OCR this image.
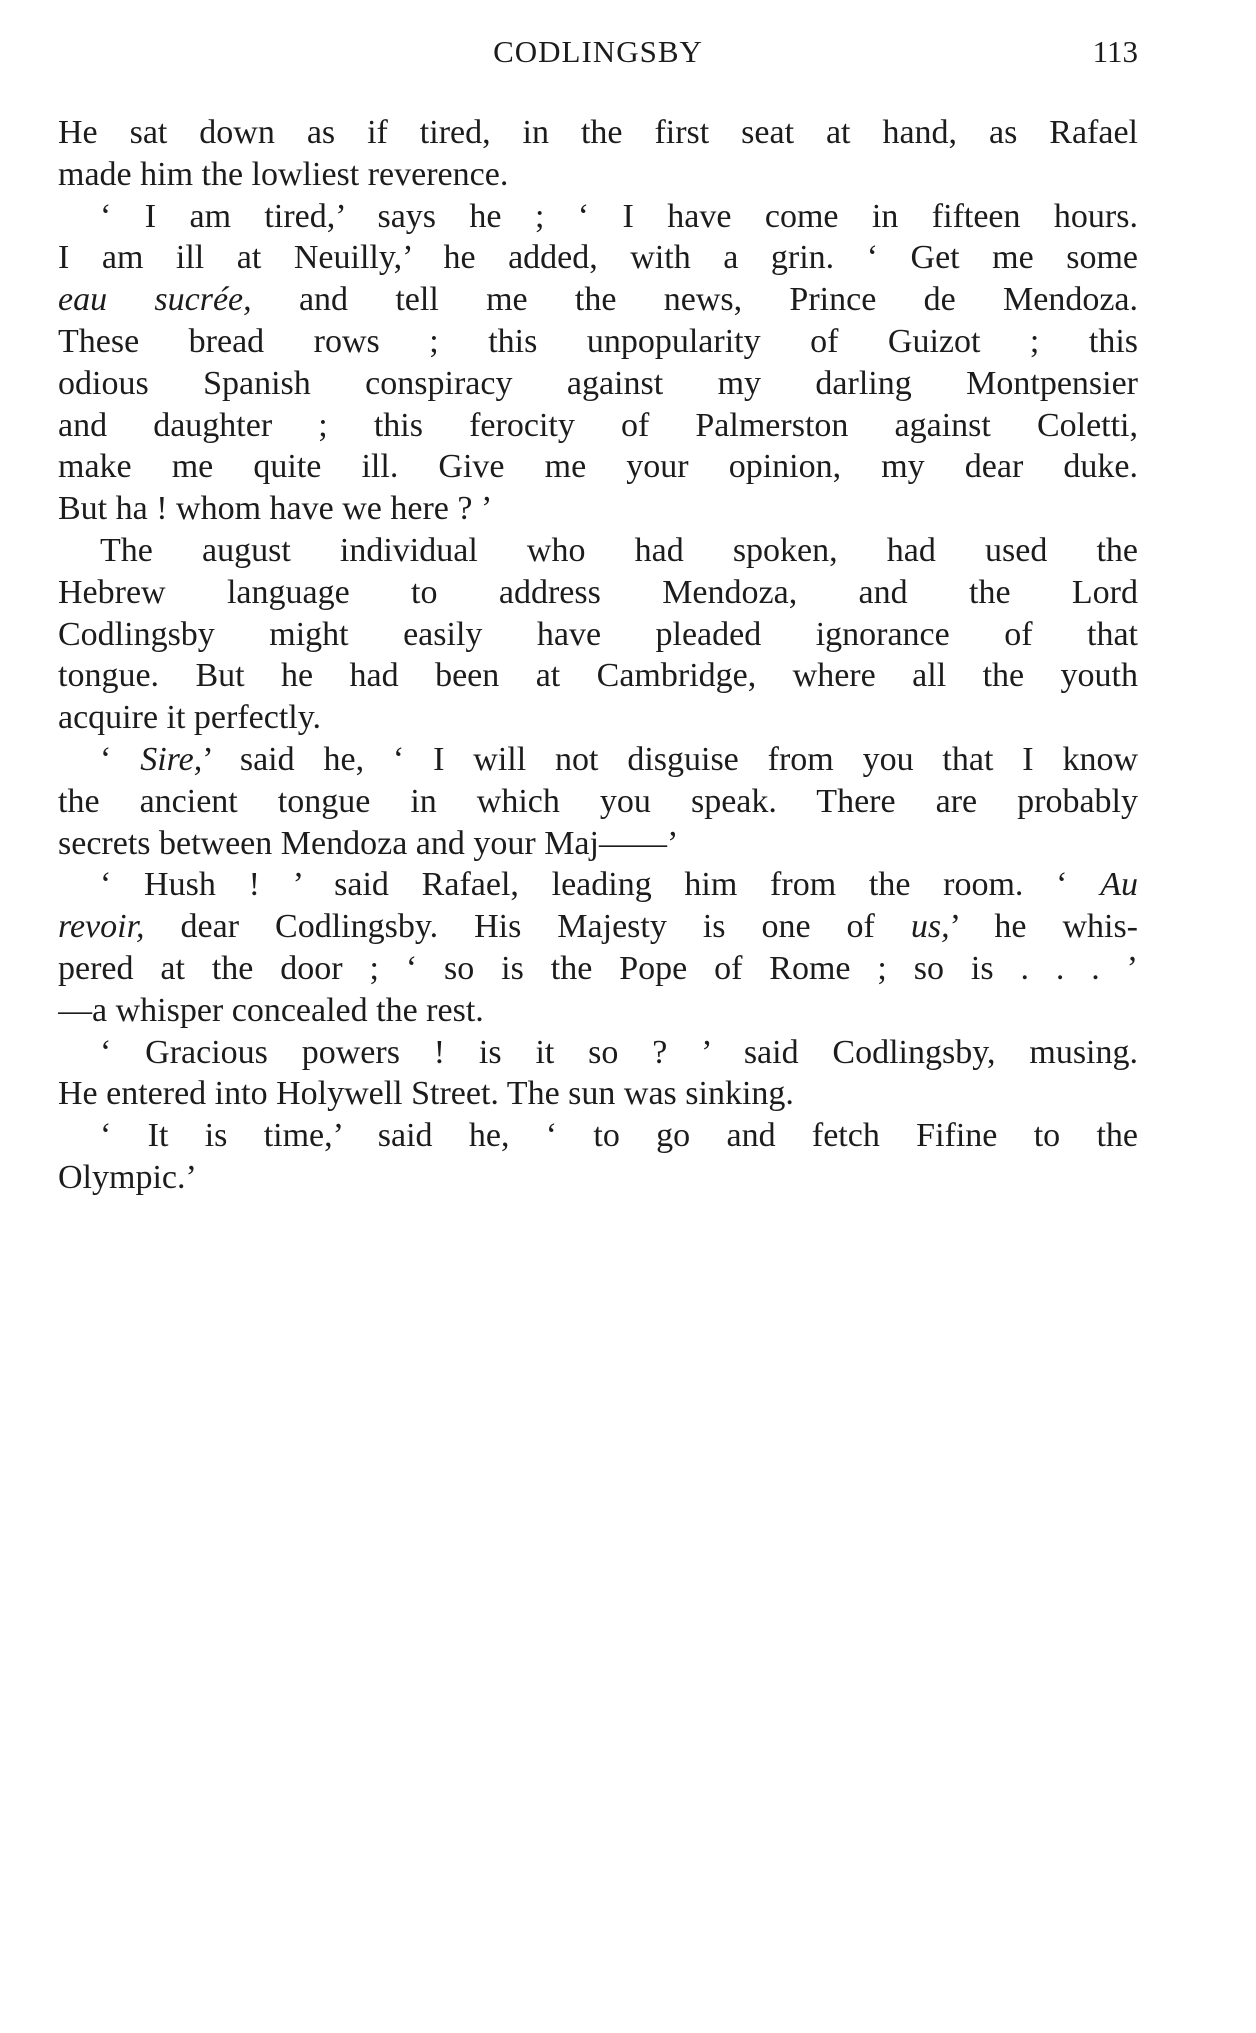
CODLINGSBY	113
He sat down as if tired, in the first seat at hand, as Rafael
made him the lowliest reverence.
‘ I am tired,’ says he ; ‘ I have come in fifteen hours.
I am ill at Neuilly,’ he added, with a grin. ‘ Get me some
eau sucrée, and tell me the news, Prince de Mendoza.
These bread rows ; this unpopularity of Guizot ; this
odious Spanish conspiracy against my darling Montpensier
and daughter ; this ferocity of Palmerston against Coletti,
make me quite ill. Give me your opinion, my dear duke.
But ha ! whom have we here ? ’
The august individual who had spoken, had used the
Hebrew language to address Mendoza, and the Lord
Codlingsby might easily have pleaded ignorance of that
tongue. But he had been at Cambridge, where all the youth
acquire it perfectly.
‘ Sire,’ said he, ‘ I will not disguise from you that I know
the ancient tongue in which you speak. There are probably
secrets between Mendoza and your Maj——’
‘ Hush ! ’ said Rafael, leading him from the room. ‘ Au
revoir, dear Codlingsby. His Majesty is one of us,’ he whis-
pered at the door ; ‘ so is the Pope of Rome ; so is . . . ’
—a whisper concealed the rest.
‘ Gracious powers ! is it so ? ’ said Codlingsby, musing.
He entered into Holywell Street. The sun was sinking.
‘ It is time,’ said he, ‘ to go and fetch Fifine to the
Olympic.’
